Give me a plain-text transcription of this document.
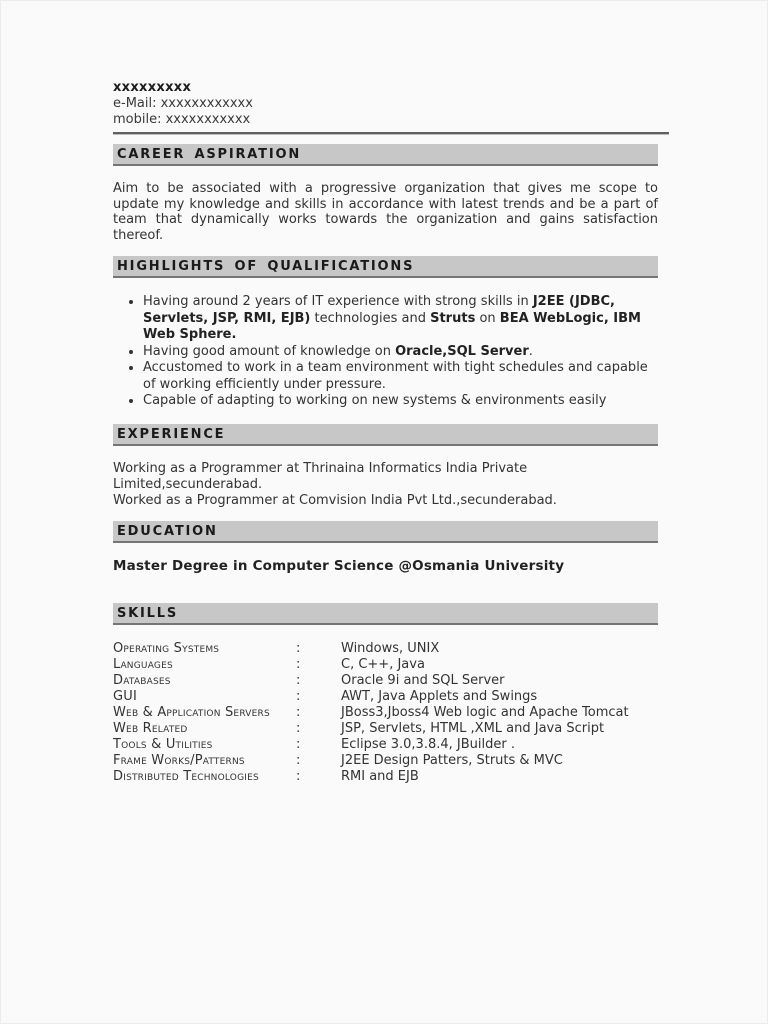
xxxxxxxxx
e-Mail: xxxxxxxxxxxx
mobile: xxxxxxxxxxx
CAREER ASPIRATION

Aim to be associated with a progressive organization that gives me scope to update my knowledge and skills in accordance with latest trends and be a part of team that dynamically works towards the organization and gains satisfaction thereof.

HIGHLIGHTS OF QUALIFICATIONS
• Having around 2 years of IT experience with strong skills in J2EE (JDBC, Servlets, JSP, RMI, EJB) technologies and Struts on BEA WebLogic, IBM Web Sphere.
• Having good amount of knowledge on Oracle,SQL Server.
• Accustomed to work in a team environment with tight schedules and capable of working efficiently under pressure.
• Capable of adapting to working on new systems & environments easily
EXPERIENCE

Working as a Programmer at Thrinaina Informatics India Private Limited,secunderabad.

Worked as a Programmer at Comvision India Pvt Ltd.,secunderabad.

EDUCATION
Master Degree in Computer Science @Osmania University
SKILLS
Operating Systems	:	Windows, UNIX
Languages	:	C, C++, Java
Databases	:	Oracle 9i and SQL Server
GUI	:	AWT, Java Applets and Swings
Web & Application Servers	:	JBoss3,Jboss4 Web logic and Apache Tomcat
Web Related	:	JSP, Servlets, HTML ,XML and Java Script
Tools & Utilities	:	Eclipse 3.0,3.8.4, JBuilder .
Frame Works/Patterns	:	J2EE Design Patters, Struts & MVC
Distributed Technologies	:	RMI and EJB
